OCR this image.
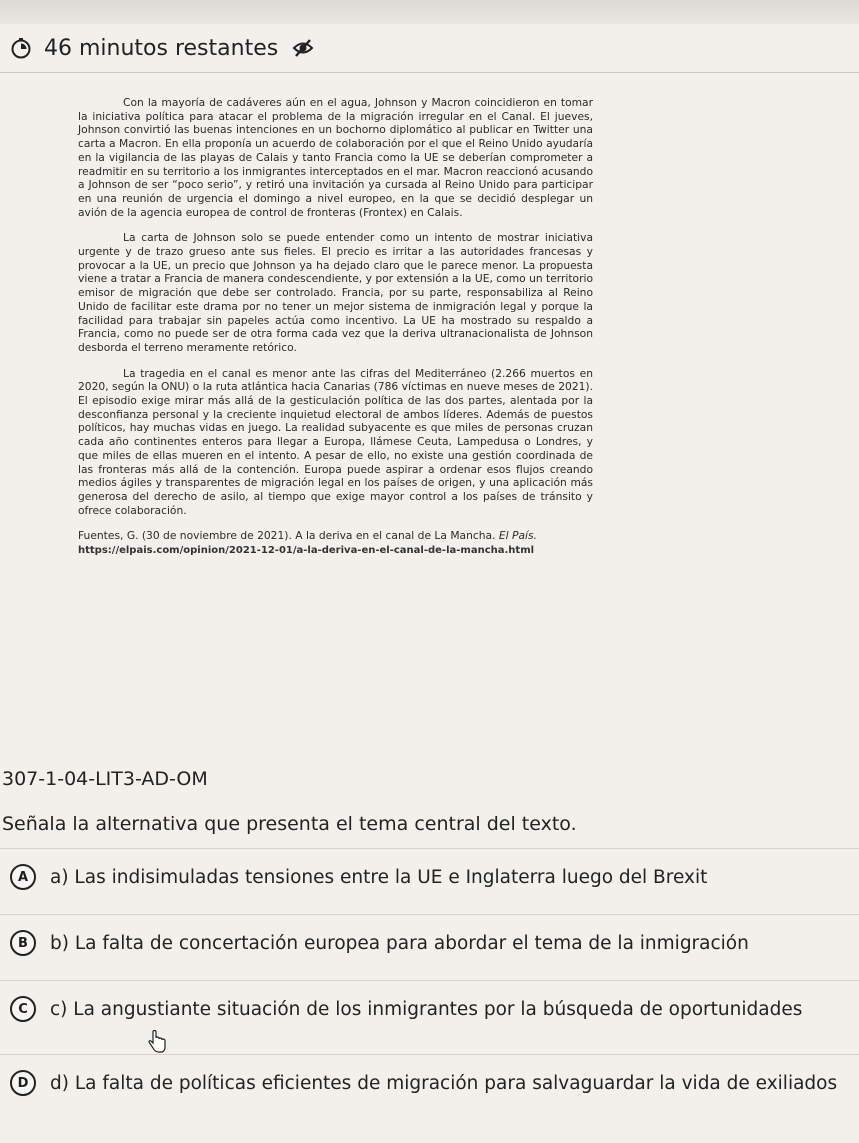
46 minutos restantes

Con la mayoría de cadáveres aún en el agua, Johnson y Macron coincidieron en tomar la iniciativa política para atacar el problema de la migración irregular en el Canal. El jueves, Johnson convirtió las buenas intenciones en un bochorno diplomático al publicar en Twitter una carta a Macron. En ella proponía un acuerdo de colaboración por el que el Reino Unido ayudaría en la vigilancia de las playas de Calais y tanto Francia como la UE se deberían comprometer a readmitir en su territorio a los inmigrantes interceptados en el mar. Macron reaccionó acusando a Johnson de ser “poco serio”, y retiró una invitación ya cursada al Reino Unido para participar en una reunión de urgencia el domingo a nivel europeo, en la que se decidió desplegar un avión de la agencia europea de control de fronteras (Frontex) en Calais.

La carta de Johnson solo se puede entender como un intento de mostrar iniciativa urgente y de trazo grueso ante sus fieles. El precio es irritar a las autoridades francesas y provocar a la UE, un precio que Johnson ya ha dejado claro que le parece menor. La propuesta viene a tratar a Francia de manera condescendiente, y por extensión a la UE, como un territorio emisor de migración que debe ser controlado. Francia, por su parte, responsabiliza al Reino Unido de facilitar este drama por no tener un mejor sistema de inmigración legal y porque la facilidad para trabajar sin papeles actúa como incentivo. La UE ha mostrado su respaldo a Francia, como no puede ser de otra forma cada vez que la deriva ultranacionalista de Johnson desborda el terreno meramente retórico.

La tragedia en el canal es menor ante las cifras del Mediterráneo (2.266 muertos en 2020, según la ONU) o la ruta atlántica hacia Canarias (786 víctimas en nueve meses de 2021). El episodio exige mirar más allá de la gesticulación política de las dos partes, alentada por la desconfianza personal y la creciente inquietud electoral de ambos líderes. Además de puestos políticos, hay muchas vidas en juego. La realidad subyacente es que miles de personas cruzan cada año continentes enteros para llegar a Europa, llámese Ceuta, Lampedusa o Londres, y que miles de ellas mueren en el intento. A pesar de ello, no existe una gestión coordinada de las fronteras más allá de la contención. Europa puede aspirar a ordenar esos flujos creando medios ágiles y transparentes de migración legal en los países de origen, y una aplicación más generosa del derecho de asilo, al tiempo que exige mayor control a los países de tránsito y ofrece colaboración.

Fuentes, G. (30 de noviembre de 2021). A la deriva en el canal de La Mancha. El País.
https://elpais.com/opinion/2021-12-01/a-la-deriva-en-el-canal-de-la-mancha.html
307-1-04-LIT3-AD-OM
Señala la alternativa que presenta el tema central del texto.
A	a) Las indisimuladas tensiones entre la UE e Inglaterra luego del Brexit
B	b) La falta de concertación europea para abordar el tema de la inmigración
C	c) La angustiante situación de los inmigrantes por la búsqueda de oportunidades
D	d) La falta de políticas eficientes de migración para salvaguardar la vida de exiliados
